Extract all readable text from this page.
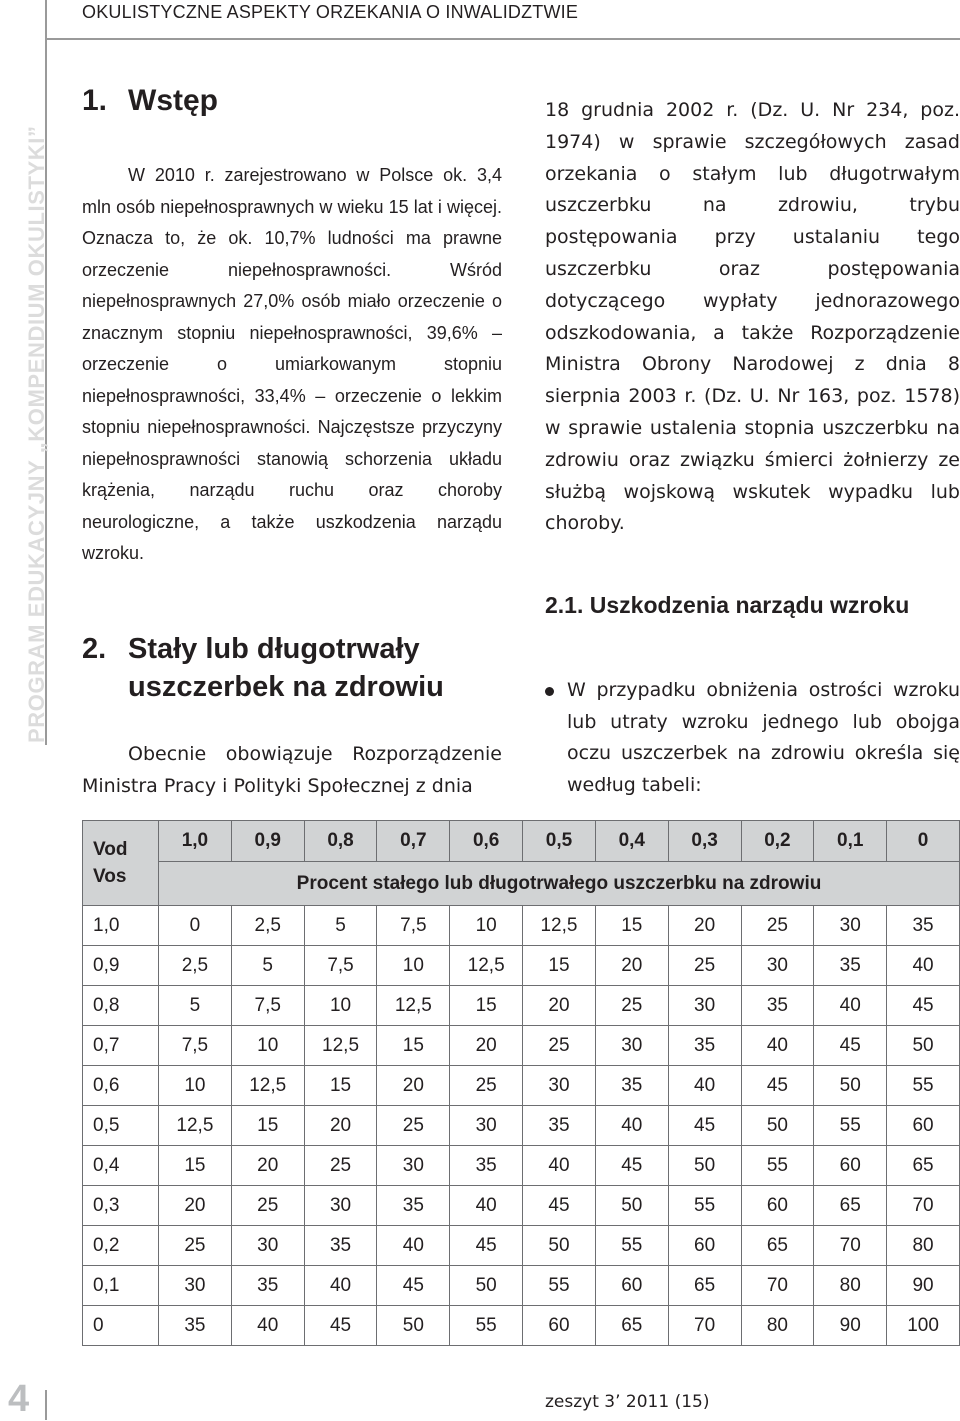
OKULISTYCZNE ASPEKTY ORZEKANIA O INWALIDZTWIE
PROGRAM EDUKACYJNY „KOMPENDIUM OKULISTYKI”
1. Wstęp

W 2010 r. zarejestrowano w Polsce ok. 3,4 mln osób niepełnosprawnych w wieku 15 lat i więcej. Oznacza to, że ok. 10,7% ludności ma prawne orzeczenie niepełnosprawności. Wśród niepełnosprawnych 27,0% osób miało orzeczenie o znacznym stopniu niepełnosprawności, 39,6% – orzeczenie o umiarkowanym stopniu niepełnosprawności, 33,4% – orzeczenie o lekkim stopniu niepełnosprawności. Najczęstsze przyczyny niepełnosprawności stanowią schorzenia układu krążenia, narządu ruchu oraz choroby neurologiczne, a także uszkodzenia narządu wzroku.

2. Stały lub długotrwały
uszczerbek na zdrowiu

Obecnie obowiązuje Rozporządzenie Ministra Pracy i Polityki Społecznej z dnia

18 grudnia 2002 r. (Dz. U. Nr 234, poz. 1974) w sprawie szczegółowych zasad orzekania o stałym lub długotrwałym uszczerbku na zdrowiu, trybu postępowania przy ustalaniu tego uszczerbku oraz postępowania dotyczącego wypłaty jednorazowego odszkodowania, a także Rozporządzenie Ministra Obrony Narodowej z dnia 8 sierpnia 2003 r. (Dz. U. Nr 163, poz. 1578) w sprawie ustalenia stopnia uszczerbku na zdrowiu oraz związku śmierci żołnierzy ze służbą wojskową wskutek wypadku lub choroby.

2.1. Uszkodzenia narządu wzroku

W przypadku obniżenia ostrości wzroku lub utraty wzroku jednego lub obojga oczu uszczerbek na zdrowiu określa się według tabeli:

Vod
Vos	1,0	0,9	0,8	0,7	0,6	0,5	0,4	0,3	0,2	0,1	0
	Procent stałego lub długotrwałego uszczerbku na zdrowiu										
1,0	0	2,5	5	7,5	10	12,5	15	20	25	30	35
0,9	2,5	5	7,5	10	12,5	15	20	25	30	35	40
0,8	5	7,5	10	12,5	15	20	25	30	35	40	45
0,7	7,5	10	12,5	15	20	25	30	35	40	45	50
0,6	10	12,5	15	20	25	30	35	40	45	50	55
0,5	12,5	15	20	25	30	35	40	45	50	55	60
0,4	15	20	25	30	35	40	45	50	55	60	65
0,3	20	25	30	35	40	45	50	55	60	65	70
0,2	25	30	35	40	45	50	55	60	65	70	80
0,1	30	35	40	45	50	55	60	65	70	80	90
0	35	40	45	50	55	60	65	70	80	90	100
4	zeszyt 3’ 2011 (15)
